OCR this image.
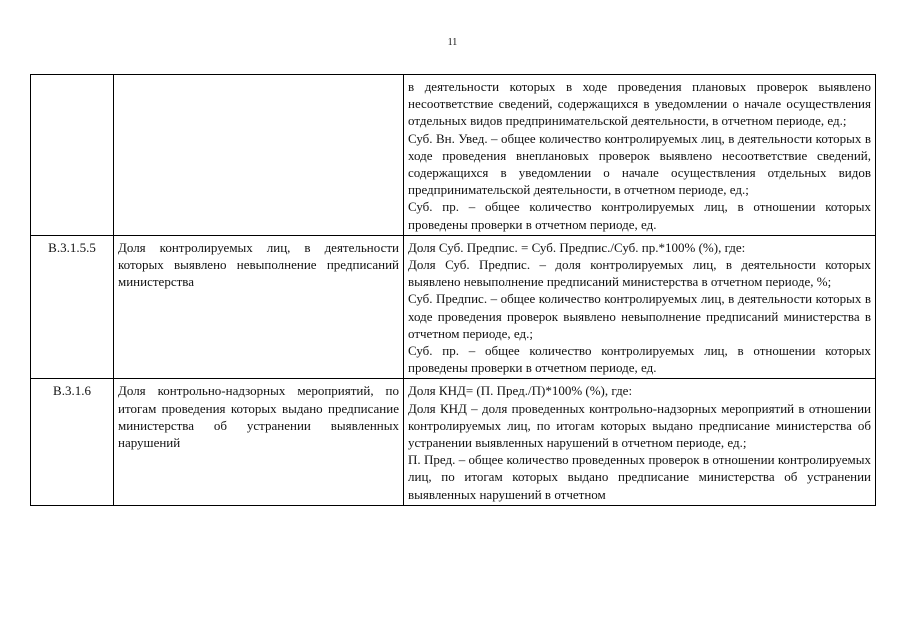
11

		в деятельности которых в ходе проведения плановых проверок выявлено несоответствие сведений, содержащихся в уведомлении о начале осуществления отдельных видов предпринимательской деятельности, в отчетном периоде, ед.;

Суб. Вн. Увед. – общее количество контролируемых лиц, в деятельности которых в ходе проведения внеплановых проверок выявлено несоответствие сведений, содержащихся в уведомлении о начале осуществления отдельных видов предпринимательской деятельности, в отчетном периоде, ед.;

Суб. пр. – общее количество контролируемых лиц, в отношении которых проведены проверки в отчетном периоде, ед.

В.3.1.5.5	Доля контролируемых лиц, в деятельности которых выявлено невыполнение предписаний министерства	Доля Суб. Предпис. = Суб. Предпис./Суб. пр.*100% (%), где:

Доля Суб. Предпис. – доля контролируемых лиц, в деятельности которых выявлено невыполнение предписаний министерства в отчетном периоде, %;

Суб. Предпис. – общее количество контролируемых лиц, в деятельности которых в ходе проведения проверок выявлено невыполнение предписаний министерства в отчетном периоде, ед.;

Суб. пр. – общее количество контролируемых лиц, в отношении которых проведены проверки в отчетном периоде, ед.

В.3.1.6	Доля контрольно-надзорных мероприятий, по итогам проведения которых выдано предписание министерства об устранении выявленных нарушений	Доля КНД= (П. Пред./П)*100% (%), где:

Доля КНД – доля проведенных контрольно-надзорных мероприятий в отношении контролируемых лиц, по итогам которых выдано предписание министерства об устранении выявленных нарушений в отчетном периоде, ед.;

П. Пред. – общее количество проведенных проверок в отношении контролируемых лиц, по итогам которых выдано предписание министерства об устранении выявленных нарушений в отчетном
